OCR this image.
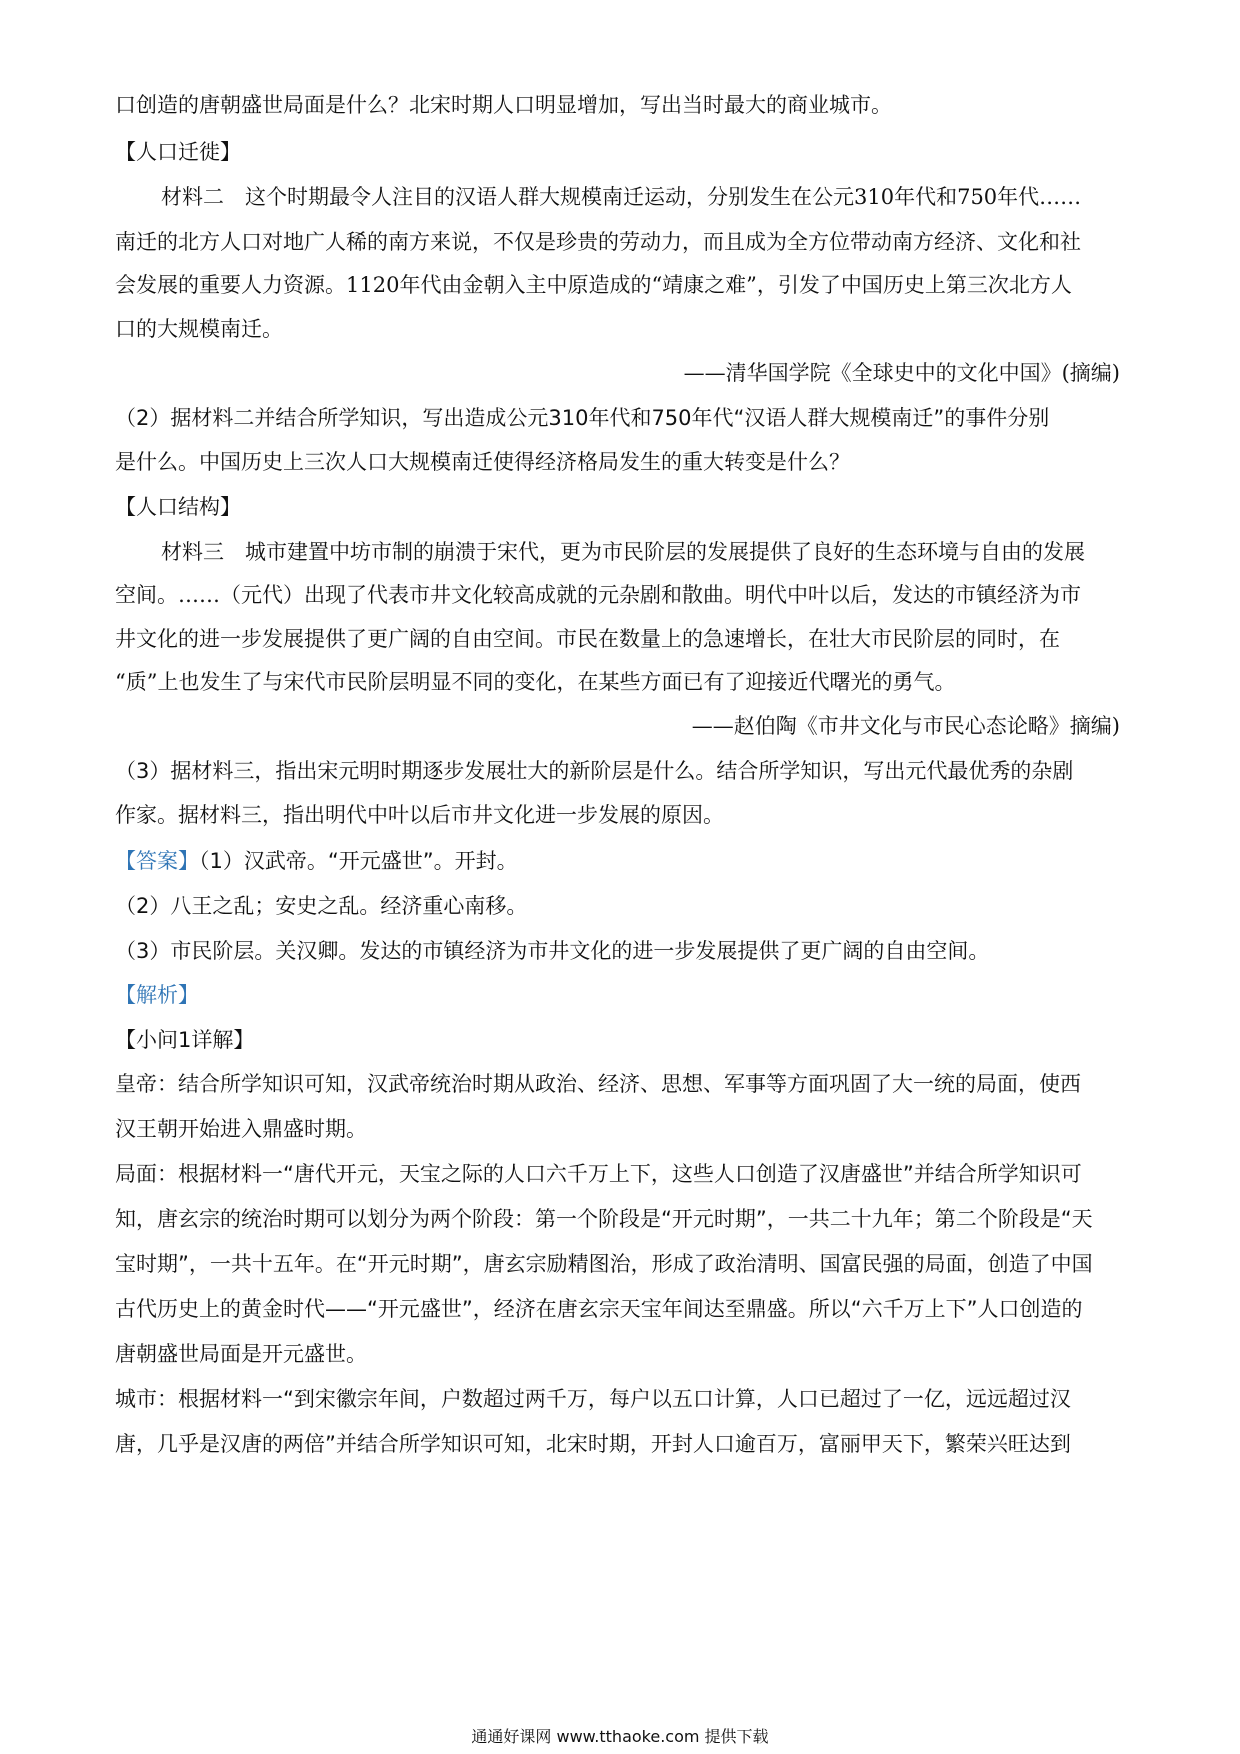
口创造的唐朝盛世局面是什么？北宋时期人口明显增加，写出当时最大的商业城市。
【人口迁徙】
材料二　这个时期最令人注目的汉语人群大规模南迁运动，分别发生在公元310年代和750年代……
南迁的北方人口对地广人稀的南方来说，不仅是珍贵的劳动力，而且成为全方位带动南方经济、文化和社
会发展的重要人力资源。1120年代由金朝入主中原造成的“靖康之难”，引发了中国历史上第三次北方人
口的大规模南迁。
——清华国学院《全球史中的文化中国》(摘编)
（2）据材料二并结合所学知识，写出造成公元310年代和750年代“汉语人群大规模南迁”的事件分别
是什么。中国历史上三次人口大规模南迁使得经济格局发生的重大转变是什么？
【人口结构】
材料三　城市建置中坊市制的崩溃于宋代，更为市民阶层的发展提供了良好的生态环境与自由的发展
空间。……（元代）出现了代表市井文化较高成就的元杂剧和散曲。明代中叶以后，发达的市镇经济为市
井文化的进一步发展提供了更广阔的自由空间。市民在数量上的急速增长，在壮大市民阶层的同时，在
“质”上也发生了与宋代市民阶层明显不同的变化，在某些方面已有了迎接近代曙光的勇气。
——赵伯陶《市井文化与市民心态论略》摘编)
（3）据材料三，指出宋元明时期逐步发展壮大的新阶层是什么。结合所学知识，写出元代最优秀的杂剧
作家。据材料三，指出明代中叶以后市井文化进一步发展的原因。
【答案】（1）汉武帝。“开元盛世”。开封。
（2）八王之乱；安史之乱。经济重心南移。
（3）市民阶层。关汉卿。发达的市镇经济为市井文化的进一步发展提供了更广阔的自由空间。
【解析】
【小问1详解】
皇帝：结合所学知识可知，汉武帝统治时期从政治、经济、思想、军事等方面巩固了大一统的局面，使西
汉王朝开始进入鼎盛时期。
局面：根据材料一“唐代开元，天宝之际的人口六千万上下，这些人口创造了汉唐盛世”并结合所学知识可
知，唐玄宗的统治时期可以划分为两个阶段：第一个阶段是“开元时期”，一共二十九年；第二个阶段是“天
宝时期”，一共十五年。在“开元时期”，唐玄宗励精图治，形成了政治清明、国富民强的局面，创造了中国
古代历史上的黄金时代——“开元盛世”，经济在唐玄宗天宝年间达至鼎盛。所以“六千万上下”人口创造的
唐朝盛世局面是开元盛世。
城市：根据材料一“到宋徽宗年间，户数超过两千万，每户以五口计算，人口已超过了一亿，远远超过汉
唐，几乎是汉唐的两倍”并结合所学知识可知，北宋时期，开封人口逾百万，富丽甲天下，繁荣兴旺达到
通通好课网 www.tthaoke.com 提供下载
